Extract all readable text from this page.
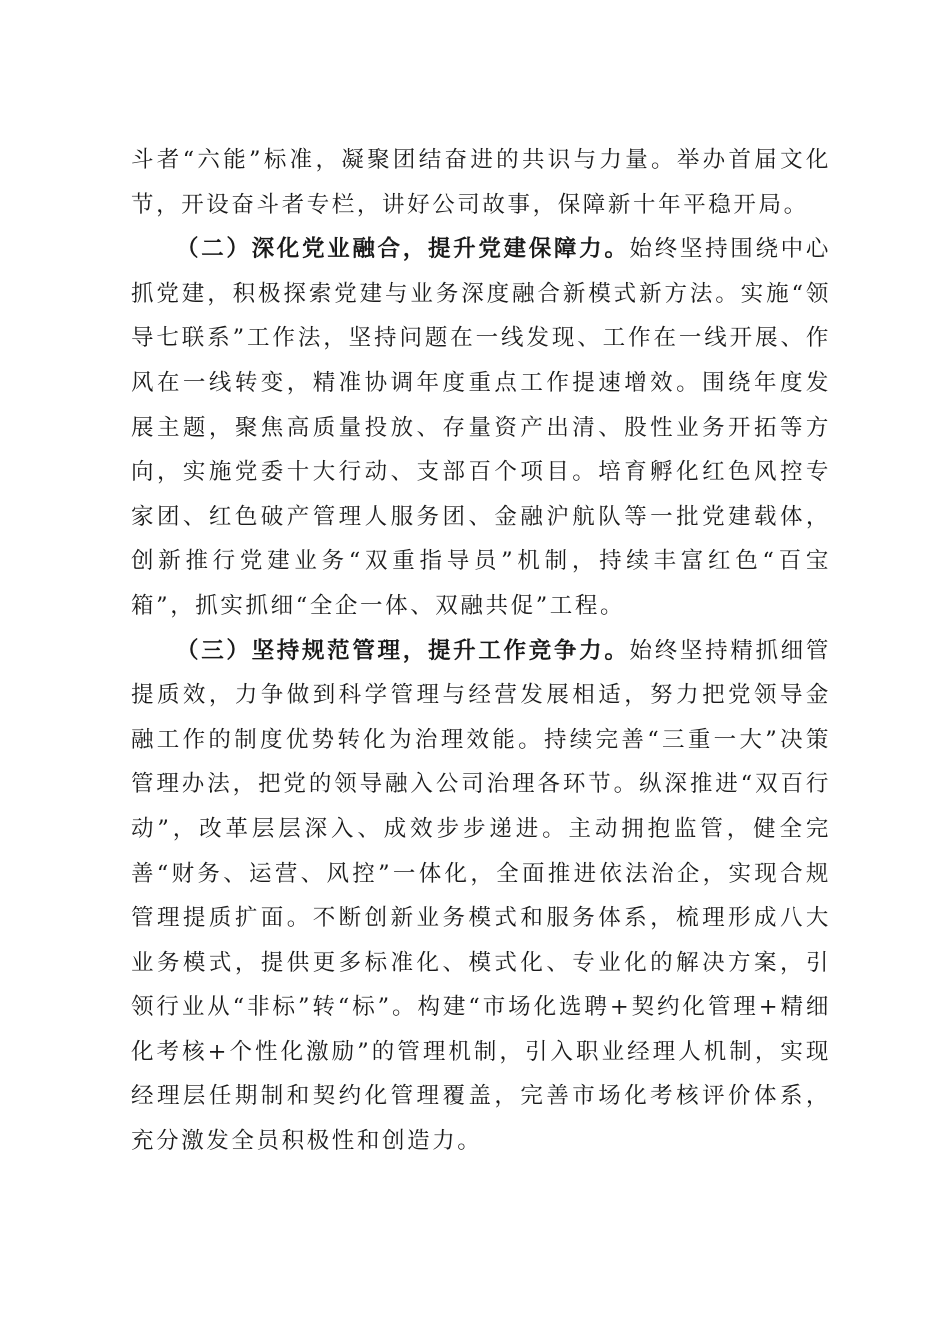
斗者“六能”标准，凝聚团结奋进的共识与力量。举办首届文化节，开设奋斗者专栏，讲好公司故事，保障新十年平稳开局。

（二）深化党业融合，提升党建保障力。始终坚持围绕中心抓党建，积极探索党建与业务深度融合新模式新方法。实施“领导七联系”工作法，坚持问题在一线发现、工作在一线开展、作风在一线转变，精准协调年度重点工作提速增效。围绕年度发展主题，聚焦高质量投放、存量资产出清、股性业务开拓等方向，实施党委十大行动、支部百个项目。培育孵化红色风控专家团、红色破产管理人服务团、金融沪航队等一批党建载体，创新推行党建业务“双重指导员”机制，持续丰富红色“百宝箱”，抓实抓细“全企一体、双融共促”工程。

（三）坚持规范管理，提升工作竞争力。始终坚持精抓细管提质效，力争做到科学管理与经营发展相适，努力把党领导金融工作的制度优势转化为治理效能。持续完善“三重一大”决策管理办法，把党的领导融入公司治理各环节。纵深推进“双百行动”，改革层层深入、成效步步递进。主动拥抱监管，健全完善“财务、运营、风控”一体化，全面推进依法治企，实现合规管理提质扩面。不断创新业务模式和服务体系，梳理形成八大业务模式，提供更多标准化、模式化、专业化的解决方案，引领行业从“非标”转“标”。构建“市场化选聘+契约化管理+精细化考核+个性化激励”的管理机制，引入职业经理人机制，实现经理层任期制和契约化管理覆盖，完善市场化考核评价体系，充分激发全员积极性和创造力。
